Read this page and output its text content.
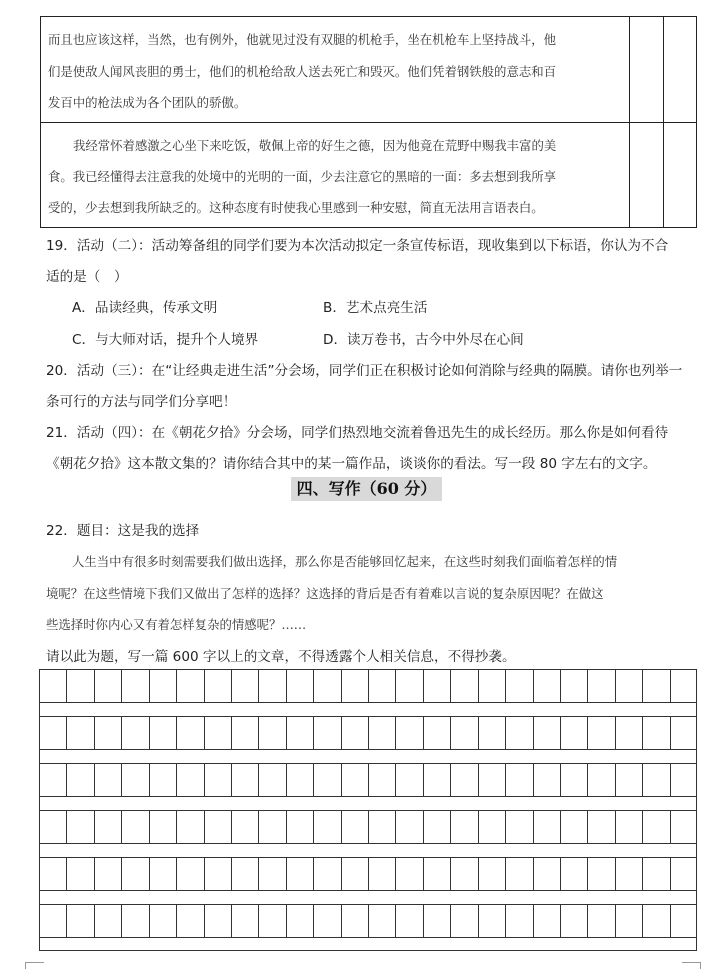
而且也应该这样，当然，也有例外，他就见过没有双腿的机枪手，坐在机枪车上坚持战斗，他
们是使敌人闻风丧胆的勇士，他们的机枪给敌人送去死亡和毁灭。他们凭着钢铁般的意志和百
发百中的枪法成为各个团队的骄傲。
我经常怀着感激之心坐下来吃饭，敬佩上帝的好生之德，因为他竟在荒野中赐我丰富的美
食。我已经懂得去注意我的处境中的光明的一面，少去注意它的黑暗的一面：多去想到我所享
受的，少去想到我所缺乏的。这种态度有时使我心里感到一种安慰，简直无法用言语表白。
19．活动（二）：活动筹备组的同学们要为本次活动拟定一条宣传标语，现收集到以下标语，你认为不合
适的是（　）
A．品读经典，传承文明	B．艺术点亮生活
C．与大师对话，提升个人境界	D．读万卷书，古今中外尽在心间
20．活动（三）：在“让经典走进生活”分会场，同学们正在积极讨论如何消除与经典的隔膜。请你也列举一
条可行的方法与同学们分享吧！
21．活动（四）：在《朝花夕拾》分会场，同学们热烈地交流着鲁迅先生的成长经历。那么你是如何看待
《朝花夕拾》这本散文集的？请你结合其中的某一篇作品，谈谈你的看法。写一段 80 字左右的文字。
四、写作（60 分）
22．题目：这是我的选择
人生当中有很多时刻需要我们做出选择，那么你是否能够回忆起来，在这些时刻我们面临着怎样的情
境呢？在这些情境下我们又做出了怎样的选择？这选择的背后是否有着难以言说的复杂原因呢？在做这
些选择时你内心又有着怎样复杂的情感呢？……
请以此为题，写一篇 600 字以上的文章，不得透露个人相关信息，不得抄袭。
